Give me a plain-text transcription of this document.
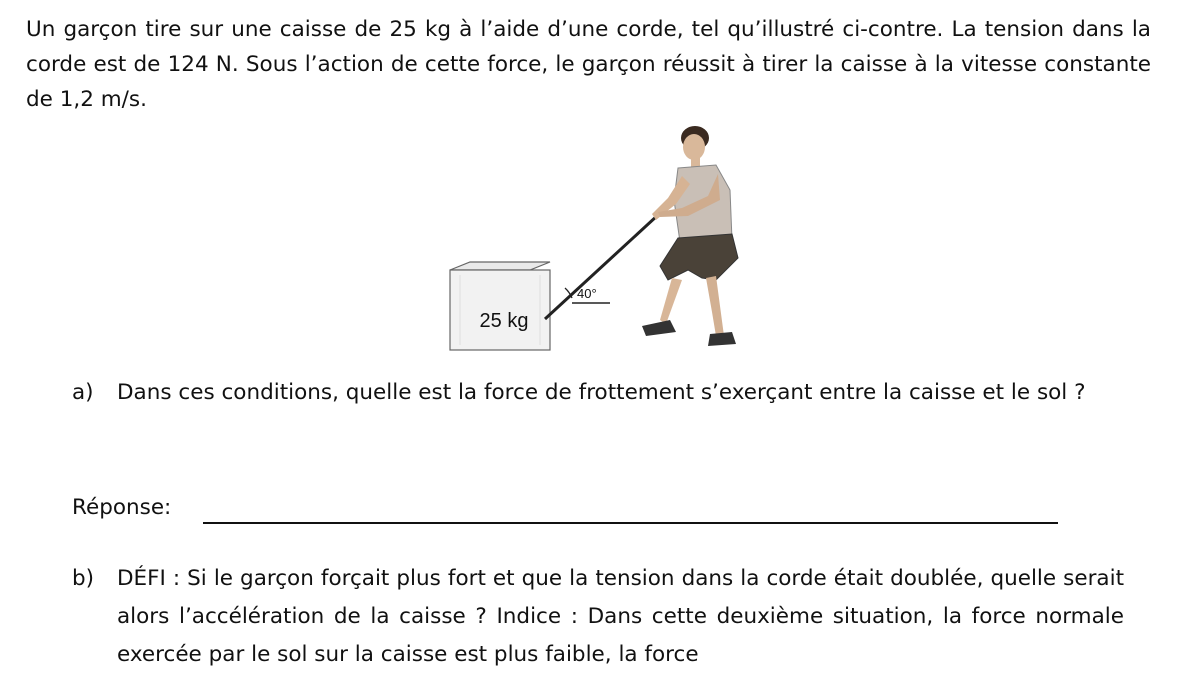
Un garçon tire sur une caisse de 25 kg à l’aide d’une corde, tel qu’illustré ci-contre. La tension dans la corde est de 124 N. Sous l’action de cette force, le garçon réussit à tirer la caisse à la vitesse constante de 1,2 m/s.
25 kg
40°
a) Dans ces conditions, quelle est la force de frottement s’exerçant entre la caisse et le sol ?
Réponse:
b) DÉFI : Si le garçon forçait plus fort et que la tension dans la corde était doublée, quelle serait alors l’accélération de la caisse ? Indice : Dans cette deuxième situation, la force normale exercée par le sol sur la caisse est plus faible, la force
